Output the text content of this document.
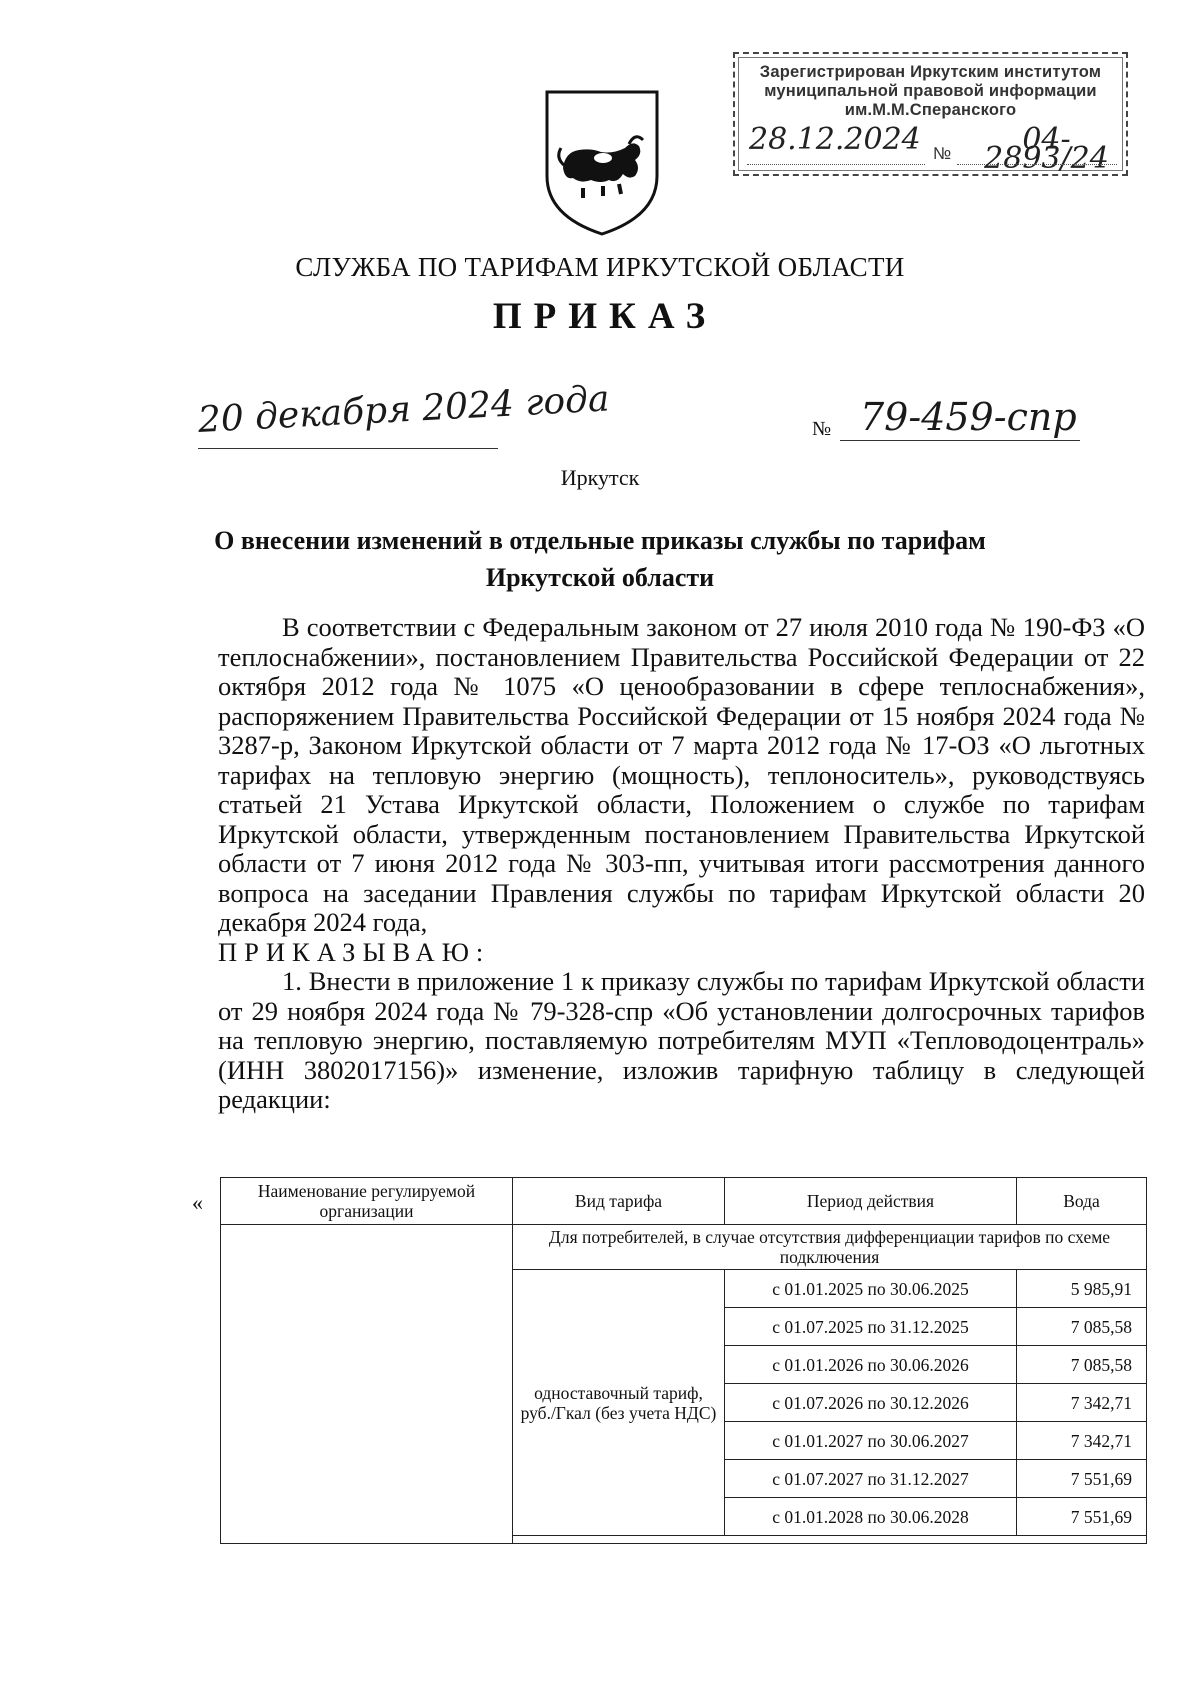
Зарегистрирован Иркутским институтом
муниципальной правовой информации
им.М.М.Сперанского
28.12.2024 №	04-2893/24
СЛУЖБА ПО ТАРИФАМ ИРКУТСКОЙ ОБЛАСТИ
ПРИКАЗ
20 декабря 2024 года	№ 79-459-спр
Иркутск
О внесении изменений в отдельные приказы службы по тарифам
Иркутской области

В соответствии с Федеральным законом от 27 июля 2010 года № 190-ФЗ «О теплоснабжении», постановлением Правительства Российской Федерации от 22 октября 2012 года № 1075 «О ценообразовании в сфере теплоснабжения», распоряжением Правительства Российской Федерации от 15 ноября 2024 года № 3287-р, Законом Иркутской области от 7 марта 2012 года № 17-ОЗ «О льготных тарифах на тепловую энергию (мощность), теплоноситель», руководствуясь статьей 21 Устава Иркутской области, Положением о службе по тарифам Иркутской области, утвержденным постановлением Правительства Иркутской области от 7 июня 2012 года № 303-пп, учитывая итоги рассмотрения данного вопроса на заседании Правления службы по тарифам Иркутской области 20 декабря 2024 года,

ПРИКАЗЫВАЮ:

1. Внести в приложение 1 к приказу службы по тарифам Иркутской области от 29 ноября 2024 года № 79-328-спр «Об установлении долгосрочных тарифов на тепловую энергию, поставляемую потребителям МУП «Тепловодоцентраль» (ИНН 3802017156)» изменение, изложив тарифную таблицу в следующей редакции:

«	Наименование регулируемой организации	Вид тарифа	Период действия	Вода
	Для потребителей, в случае отсутствия дифференциации тарифов по схеме подключения		
	одноставочный тариф, руб./Гкал (без учета НДС)	с 01.01.2025 по 30.06.2025	5 985,91
		с 01.07.2025 по 31.12.2025	7 085,58
		с 01.01.2026 по 30.06.2026	7 085,58
		с 01.07.2026 по 30.12.2026	7 342,71
		с 01.01.2027 по 30.06.2027	7 342,71
		с 01.07.2027 по 31.12.2027	7 551,69
		с 01.01.2028 по 30.06.2028	7 551,69
